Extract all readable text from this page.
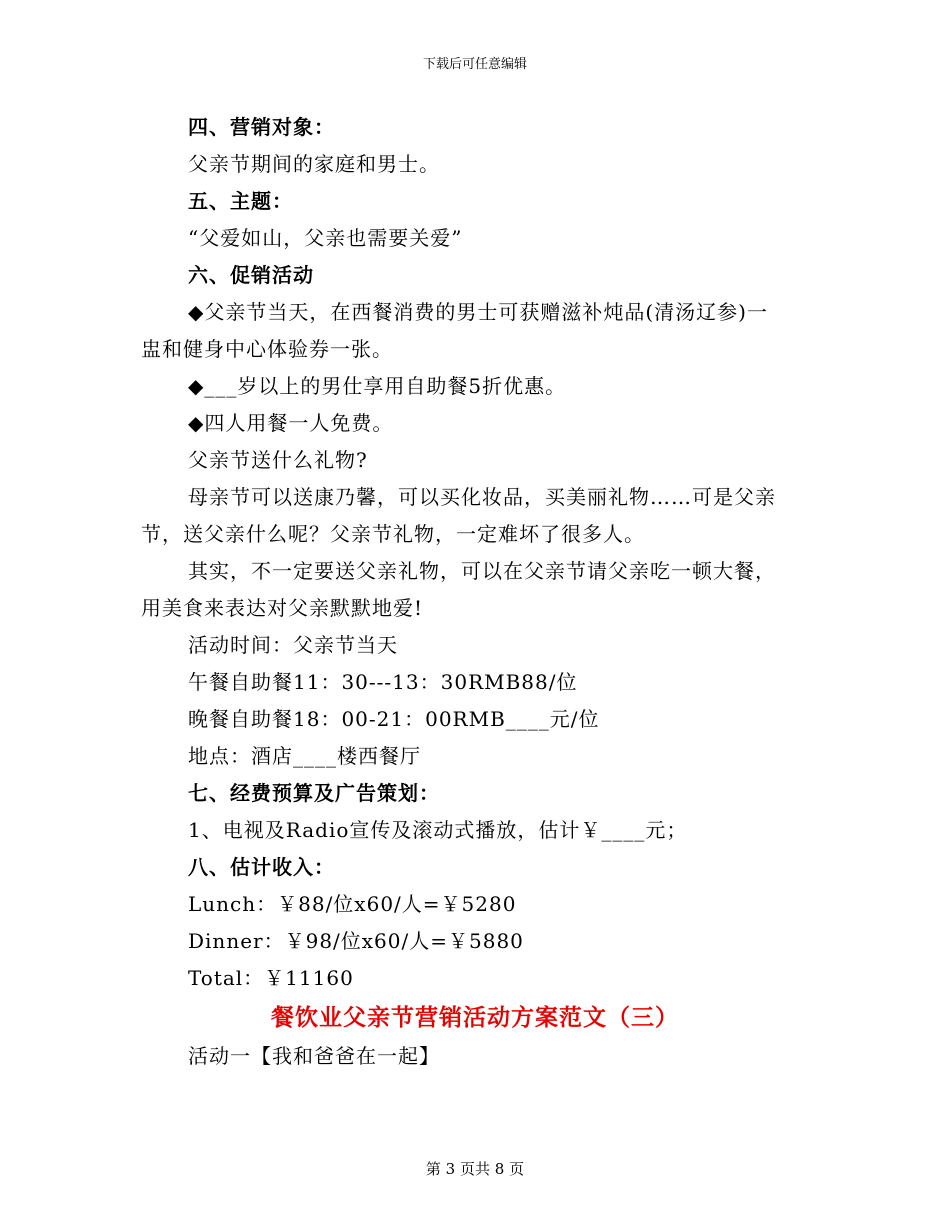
下载后可任意编辑
四、营销对象：
父亲节期间的家庭和男士。
五、主题：
“父爱如山，父亲也需要关爱”
六、促销活动
◆父亲节当天，在西餐消费的男士可获赠滋补炖品(清汤辽参)一
盅和健身中心体验券一张。
◆___岁以上的男仕享用自助餐5折优惠。
◆四人用餐一人免费。
父亲节送什么礼物?
母亲节可以送康乃馨，可以买化妆品，买美丽礼物……可是父亲
节，送父亲什么呢？父亲节礼物，一定难坏了很多人。
其实，不一定要送父亲礼物，可以在父亲节请父亲吃一顿大餐，
用美食来表达对父亲默默地爱!
活动时间：父亲节当天
午餐自助餐11：30---13：30RMB88/位
晚餐自助餐18：00-21：00RMB____元/位
地点：酒店____楼西餐厅
七、经费预算及广告策划：
1、电视及Radio宣传及滚动式播放，估计￥____元；
八、估计收入：
Lunch：￥88/位x60/人=￥5280
Dinner：￥98/位x60/人=￥5880
Total：￥11160
餐饮业父亲节营销活动方案范文（三）
活动一【我和爸爸在一起】
第 3 页共 8 页
